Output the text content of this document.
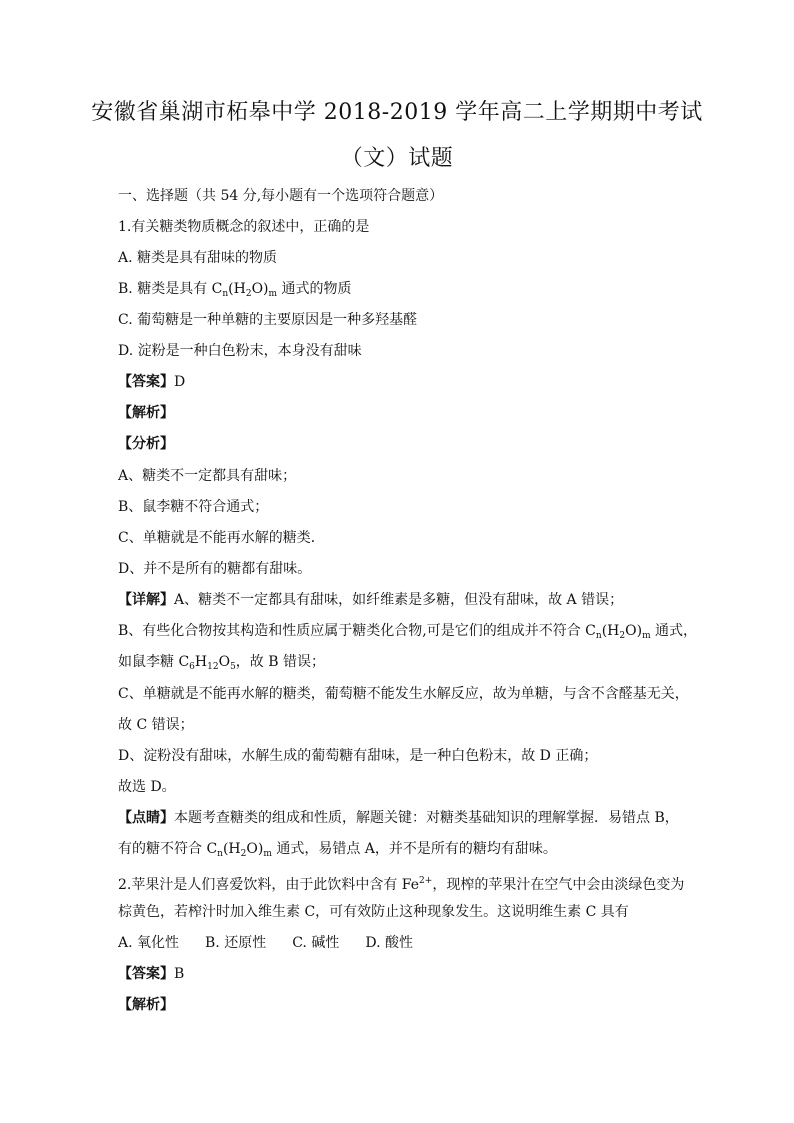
安徽省巢湖市柘皋中学 2018-2019 学年高二上学期期中考试
（文）试题
一、选择题（共 54 分,每小题有一个选项符合题意）
1.有关糖类物质概念的叙述中，正确的是
A. 糖类是具有甜味的物质
B. 糖类是具有 $C_n(H_2O)_m$ 通式的物质
C. 葡萄糖是一种单糖的主要原因是一种多羟基醛
D. 淀粉是一种白色粉末，本身没有甜味
【答案】D
【解析】
【分析】
A、糖类不一定都具有甜味；
B、鼠李糖不符合通式；
C、单糖就是不能再水解的糖类．
D、并不是所有的糖都有甜味。
【详解】A、糖类不一定都具有甜味，如纤维素是多糖，但没有甜味，故 A 错误；
B、有些化合物按其构造和性质应属于糖类化合物,可是它们的组成并不符合 $C_n(H_2O)_m$ 通式，
如鼠李糖 $C_6H_{12}O_5$，故 B 错误；
C、单糖就是不能再水解的糖类，葡萄糖不能发生水解反应，故为单糖，与含不含醛基无关，
故 C 错误；
D、淀粉没有甜味，水解生成的葡萄糖有甜味，是一种白色粉末，故 D 正确；
故选 D。
【点睛】本题考查糖类的组成和性质，解题关键：对糖类基础知识的理解掌握．易错点 B，
有的糖不符合 $C_n(H_2O)_m$ 通式，易错点 A，并不是所有的糖均有甜味。
2.苹果汁是人们喜爱饮料，由于此饮料中含有 $Fe^{2+}$，现榨的苹果汁在空气中会由淡绿色变为
棕黄色，若榨汁时加入维生素 C，可有效防止这种现象发生。这说明维生素 C 具有
A. 氧化性 B. 还原性 C. 碱性 D. 酸性
【答案】B
【解析】
